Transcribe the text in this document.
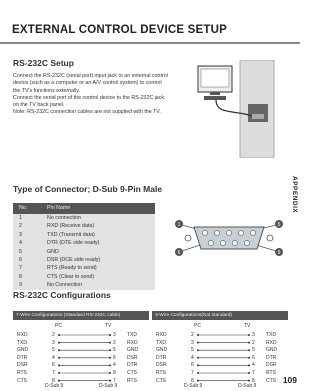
EXTERNAL CONTROL DEVICE SETUP
APPENDIX
RS-232C Setup

Connect the RS-232C (serial port) input jack to an external control device (such as a computer or an A/V control system) to control the TV's functions externally.

Connect the serial port of the control device to the RS-232C jack on the TV back panel.

Note: RS-232C connection cables are not supplied with the TV.

Type of Connector; D-Sub 9-Pin Male
No.	Pin Name
1	No connection
2	RXD (Receive data)
3	TXD (Transmit data)
4	DTR (DTE side ready)
5	GND
6	DSR (DCE side ready)
7	RTS (Ready to send)
8	CTS (Clear to send)
9	No Connection
1	5
6	9
RS-232C Configurations
7-Wire Configurations (Standard RS-232C cable)	3-Wire Configurations(Not standard)
PC	TV
RXD	2	3 TXD
TXD	3	2 RXD
GND	5	5 GND
DTR	4	6 DSR
DSR	6	4 DTR
RTS	7	8 CTS
CTS	8	7 RTS
D-Sub 9	D-Sub 9
PC	TV
RXD	2	3 TXD
TXD	3	2 RXD
GND	5	5 GND
DTR	4	6 DTR
DSR	6	4 DSR
RTS	7	7 RTS
CTS	8	8 CTS
D-Sub 9	D-Sub 9
109
